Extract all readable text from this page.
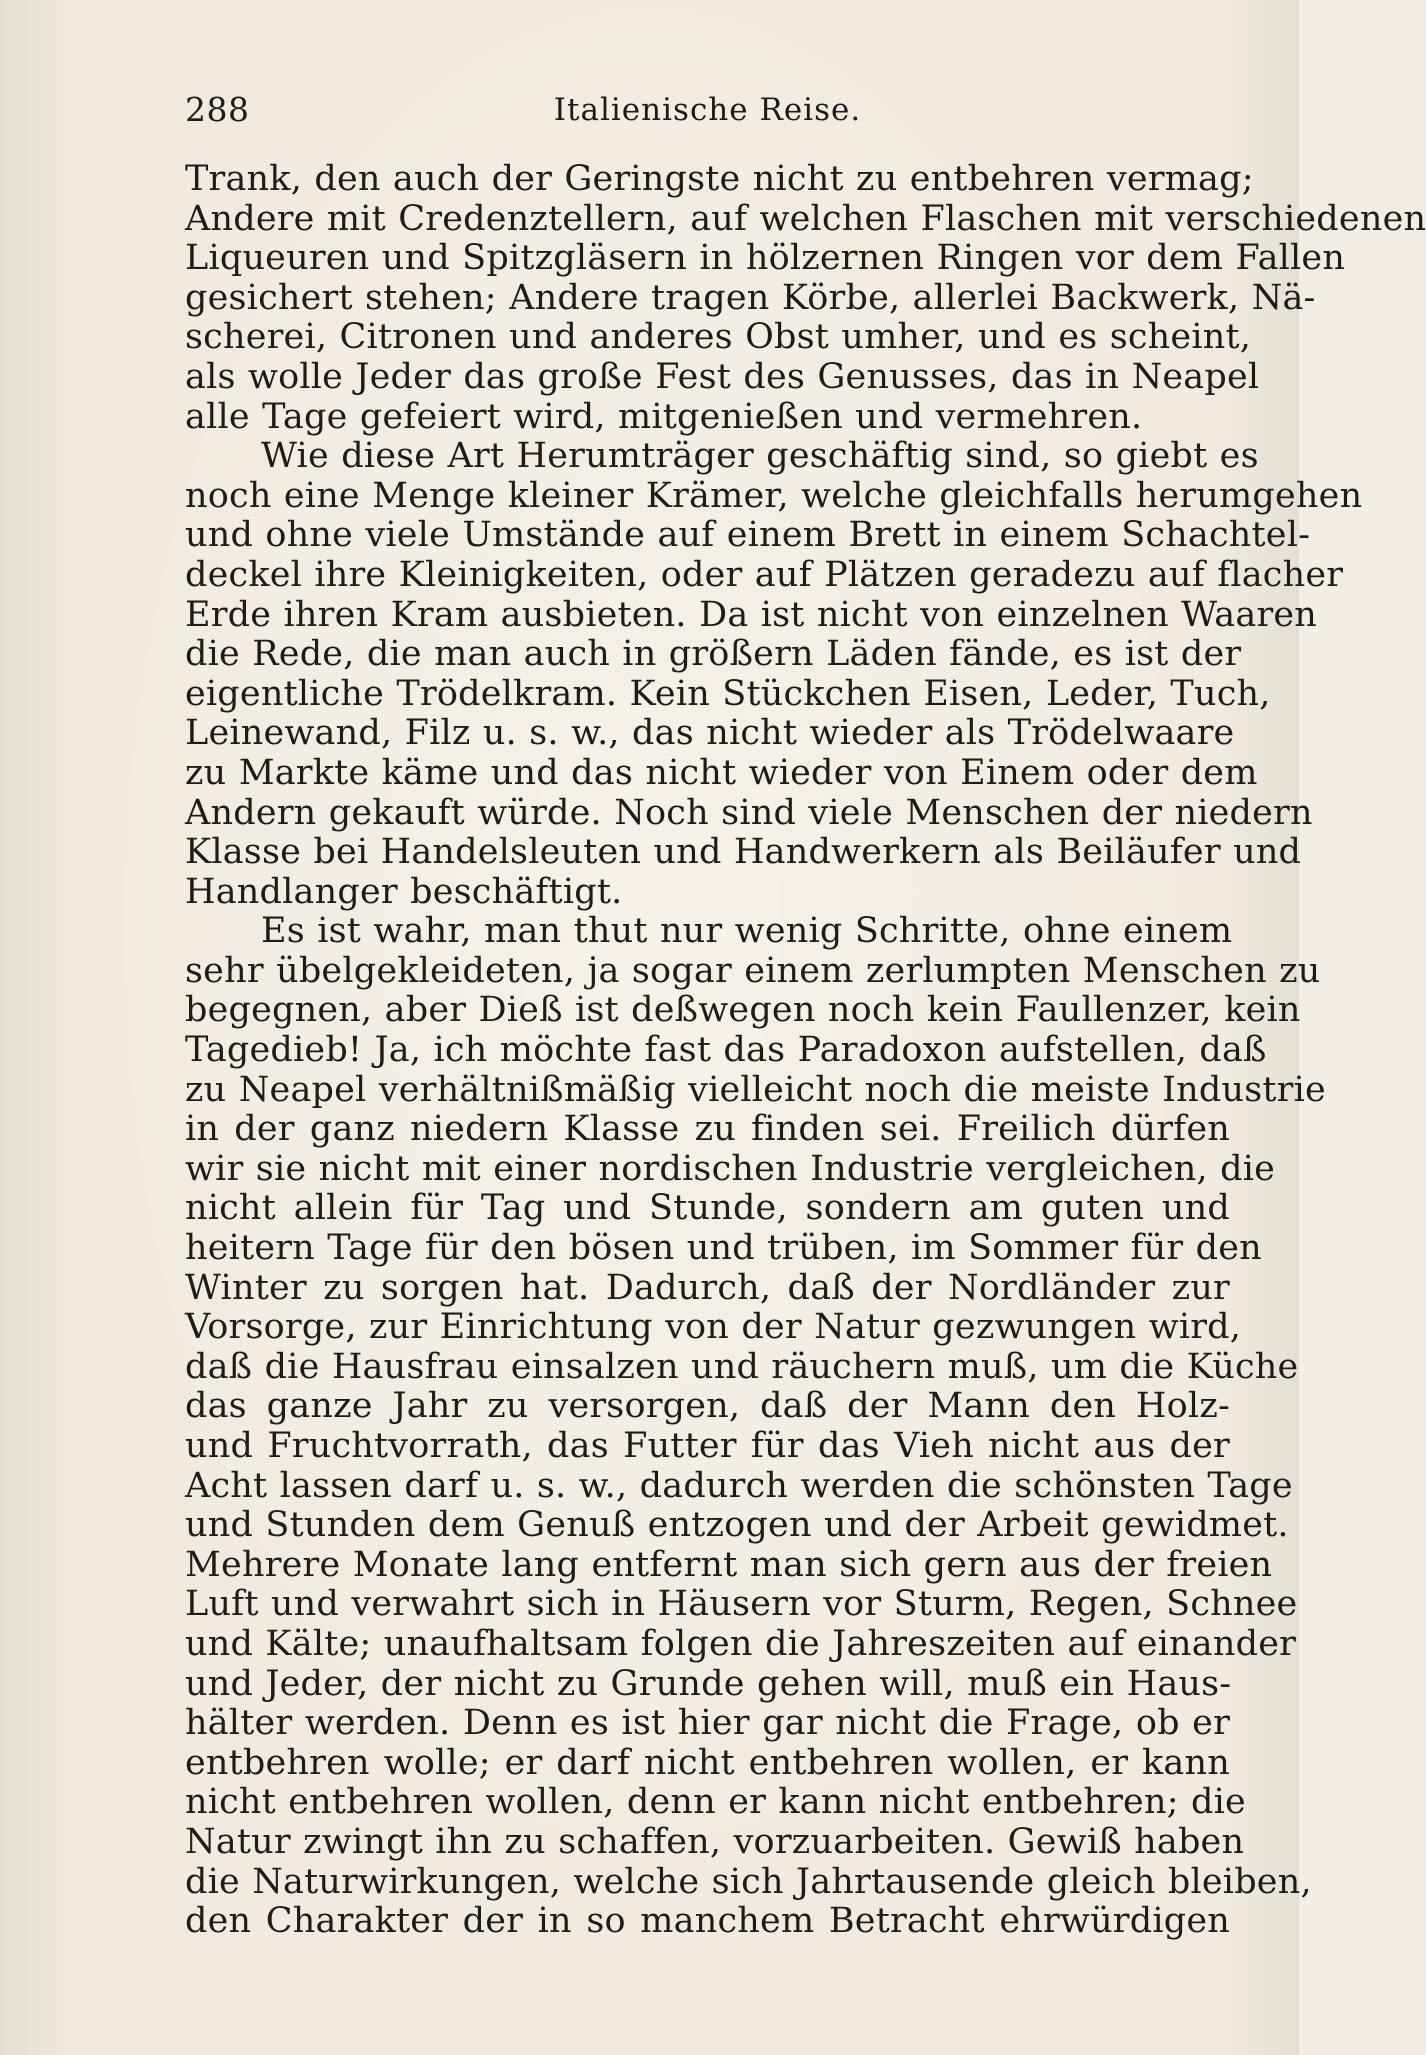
288	Italienische Reise.
Trank, den auch der Geringste nicht zu entbehren vermag;
Andere mit Credenztellern, auf welchen Flaschen mit verschiedenen
Liqueuren und Spitzgläsern in hölzernen Ringen vor dem Fallen
gesichert stehen; Andere tragen Körbe, allerlei Backwerk, Nä-
scherei, Citronen und anderes Obst umher, und es scheint,
als wolle Jeder das große Fest des Genusses, das in Neapel
alle Tage gefeiert wird, mitgenießen und vermehren.
Wie diese Art Herumträger geschäftig sind, so giebt es
noch eine Menge kleiner Krämer, welche gleichfalls herumgehen
und ohne viele Umstände auf einem Brett in einem Schachtel-
deckel ihre Kleinigkeiten, oder auf Plätzen geradezu auf flacher
Erde ihren Kram ausbieten. Da ist nicht von einzelnen Waaren
die Rede, die man auch in größern Läden fände, es ist der
eigentliche Trödelkram. Kein Stückchen Eisen, Leder, Tuch,
Leinewand, Filz u. s. w., das nicht wieder als Trödelwaare
zu Markte käme und das nicht wieder von Einem oder dem
Andern gekauft würde. Noch sind viele Menschen der niedern
Klasse bei Handelsleuten und Handwerkern als Beiläufer und
Handlanger beschäftigt.
Es ist wahr, man thut nur wenig Schritte, ohne einem
sehr übelgekleideten, ja sogar einem zerlumpten Menschen zu
begegnen, aber Dieß ist deßwegen noch kein Faullenzer, kein
Tagedieb! Ja, ich möchte fast das Paradoxon aufstellen, daß
zu Neapel verhältnißmäßig vielleicht noch die meiste Industrie
in der ganz niedern Klasse zu finden sei. Freilich dürfen
wir sie nicht mit einer nordischen Industrie vergleichen, die
nicht allein für Tag und Stunde, sondern am guten und
heitern Tage für den bösen und trüben, im Sommer für den
Winter zu sorgen hat. Dadurch, daß der Nordländer zur
Vorsorge, zur Einrichtung von der Natur gezwungen wird,
daß die Hausfrau einsalzen und räuchern muß, um die Küche
das ganze Jahr zu versorgen, daß der Mann den Holz-
und Fruchtvorrath, das Futter für das Vieh nicht aus der
Acht lassen darf u. s. w., dadurch werden die schönsten Tage
und Stunden dem Genuß entzogen und der Arbeit gewidmet.
Mehrere Monate lang entfernt man sich gern aus der freien
Luft und verwahrt sich in Häusern vor Sturm, Regen, Schnee
und Kälte; unaufhaltsam folgen die Jahreszeiten auf einander
und Jeder, der nicht zu Grunde gehen will, muß ein Haus-
hälter werden. Denn es ist hier gar nicht die Frage, ob er
entbehren wolle; er darf nicht entbehren wollen, er kann
nicht entbehren wollen, denn er kann nicht entbehren; die
Natur zwingt ihn zu schaffen, vorzuarbeiten. Gewiß haben
die Naturwirkungen, welche sich Jahrtausende gleich bleiben,
den Charakter der in so manchem Betracht ehrwürdigen
